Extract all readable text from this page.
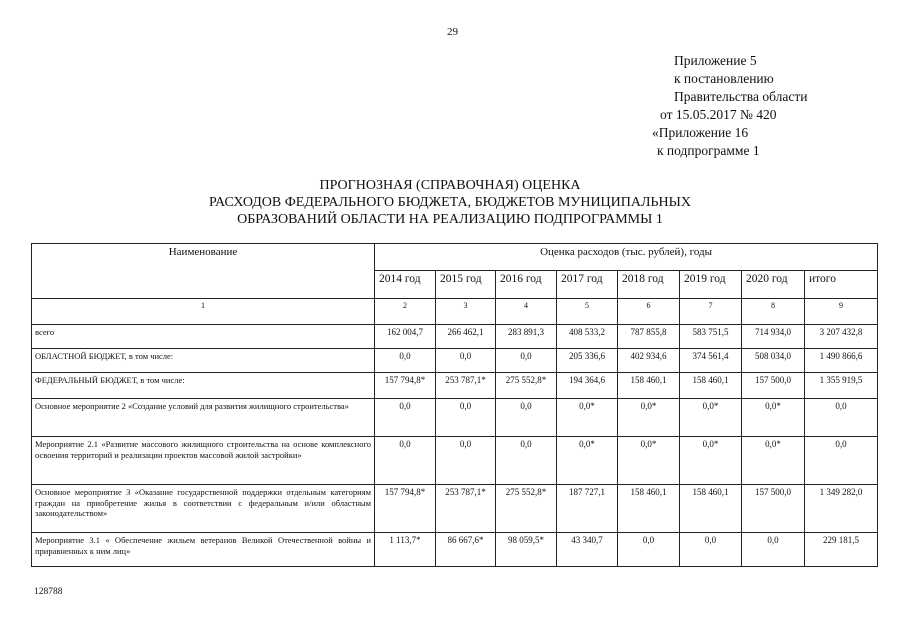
29
Приложение 5
к постановлению
Правительства области
от 15.05.2017 № 420
«Приложение 16
к подпрограмме 1
ПРОГНОЗНАЯ (СПРАВОЧНАЯ) ОЦЕНКА
РАСХОДОВ ФЕДЕРАЛЬНОГО БЮДЖЕТА, БЮДЖЕТОВ МУНИЦИПАЛЬНЫХ
ОБРАЗОВАНИЙ ОБЛАСТИ НА РЕАЛИЗАЦИЮ ПОДПРОГРАММЫ 1
Наименование	Оценка расходов (тыс. рублей), годы							
	2014 год	2015 год	2016 год	2017 год	2018 год	2019 год	2020 год	итого
1	2	3	4	5	6	7	8	9
всего	162 004,7	266 462,1	283 891,3	408 533,2	787 855,8	583 751,5	714 934,0	3 207 432,8
ОБЛАСТНОЙ БЮДЖЕТ, в том числе:	0,0	0,0	0,0	205 336,6	402 934,6	374 561,4	508 034,0	1 490 866,6
ФЕДЕРАЛЬНЫЙ БЮДЖЕТ, в том числе:	157 794,8*	253 787,1*	275 552,8*	194 364,6	158 460,1	158 460,1	157 500,0	1 355 919,5
Основное мероприятие 2 «Создание условий для развития жилищного строительства»	0,0	0,0	0,0	0,0*	0,0*	0,0*	0,0*	0,0
Мероприятие 2.1 «Развитие массового жилищного строительства на основе комплексного освоения территорий и реализации проектов массовой жилой застройки»	0,0	0,0	0,0	0,0*	0,0*	0,0*	0,0*	0,0
Основное мероприятие 3 «Оказание государственной поддержки отдельным категориям граждан на приобретение жилья в соответствии с федеральным и/или областным законодательством»	157 794,8*	253 787,1*	275 552,8*	187 727,1	158 460,1	158 460,1	157 500,0	1 349 282,0
Мероприятие 3.1 « Обеспечение жильем ветеранов Великой Отечественной войны и приравненных к ним лиц»	1 113,7*	86 667,6*	98 059,5*	43 340,7	0,0	0,0	0,0	229 181,5
128788
